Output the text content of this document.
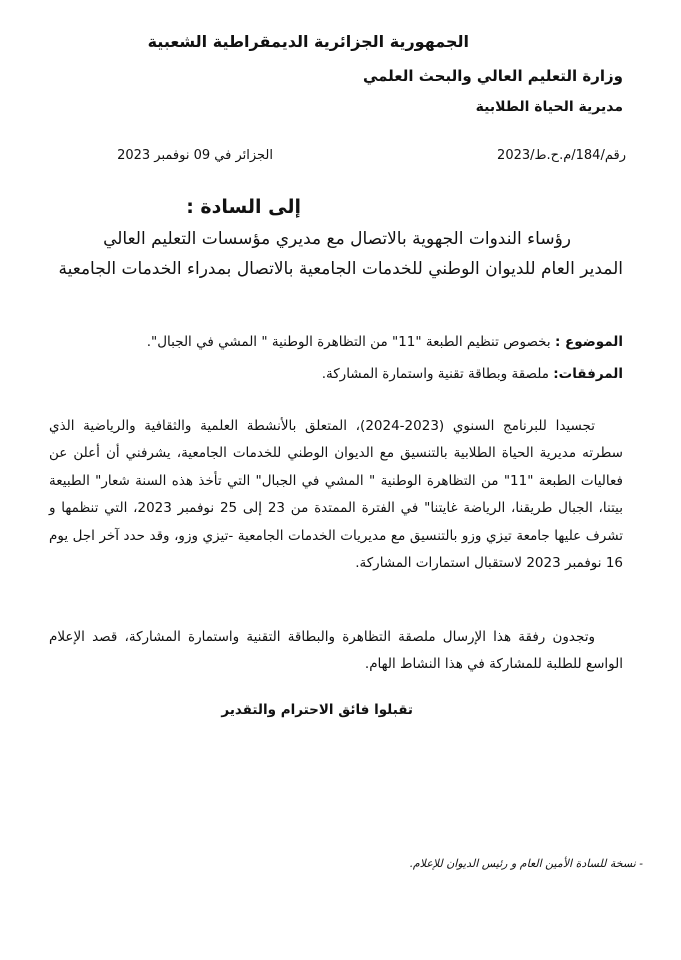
الجمهورية الجزائرية الديمقراطية الشعبية
وزارة التعليم العالي والبحث العلمي
مديرية الحياة الطلابية
رقم/184/م.ح.ط/2023
الجزائر في 09 نوفمبر 2023
إلى السادة :
رؤساء الندوات الجهوية بالاتصال مع مديري مؤسسات التعليم العالي
المدير العام للديوان الوطني للخدمات الجامعية بالاتصال بمدراء الخدمات الجامعية
الموضوع : بخصوص تنظيم الطبعة "11" من التظاهرة الوطنية " المشي في الجبال".
المرفقات: ملصقة وبطاقة تقنية واستمارة المشاركة.
تجسيدا للبرنامج السنوي (2023-2024)، المتعلق بالأنشطة العلمية والثقافية والرياضية الذي سطرته مديرية الحياة الطلابية بالتنسيق مع الديوان الوطني للخدمات الجامعية، يشرفني أن أعلن عن فعاليات الطبعة "11" من التظاهرة الوطنية " المشي في الجبال" التي تأخذ هذه السنة شعار" الطبيعة بيتنا، الجبال طريقنا، الرياضة غايتنا" في الفترة الممتدة من 23 إلى 25 نوفمبر 2023، التي تنظمها و تشرف عليها جامعة تيزي وزو بالتنسيق مع مديريات الخدمات الجامعية -تيزي وزو، وقد حدد آخر اجل يوم 16 نوفمبر 2023 لاستقبال استمارات المشاركة.
وتجدون رفقة هذا الإرسال ملصقة التظاهرة والبطاقة التقنية واستمارة المشاركة، قصد الإعلام الواسع للطلبة للمشاركة في هذا النشاط الهام.
تقبلوا فائق الاحترام والتقدير
- نسخة للسادة الأمين العام و رئيس الديوان للإعلام.
